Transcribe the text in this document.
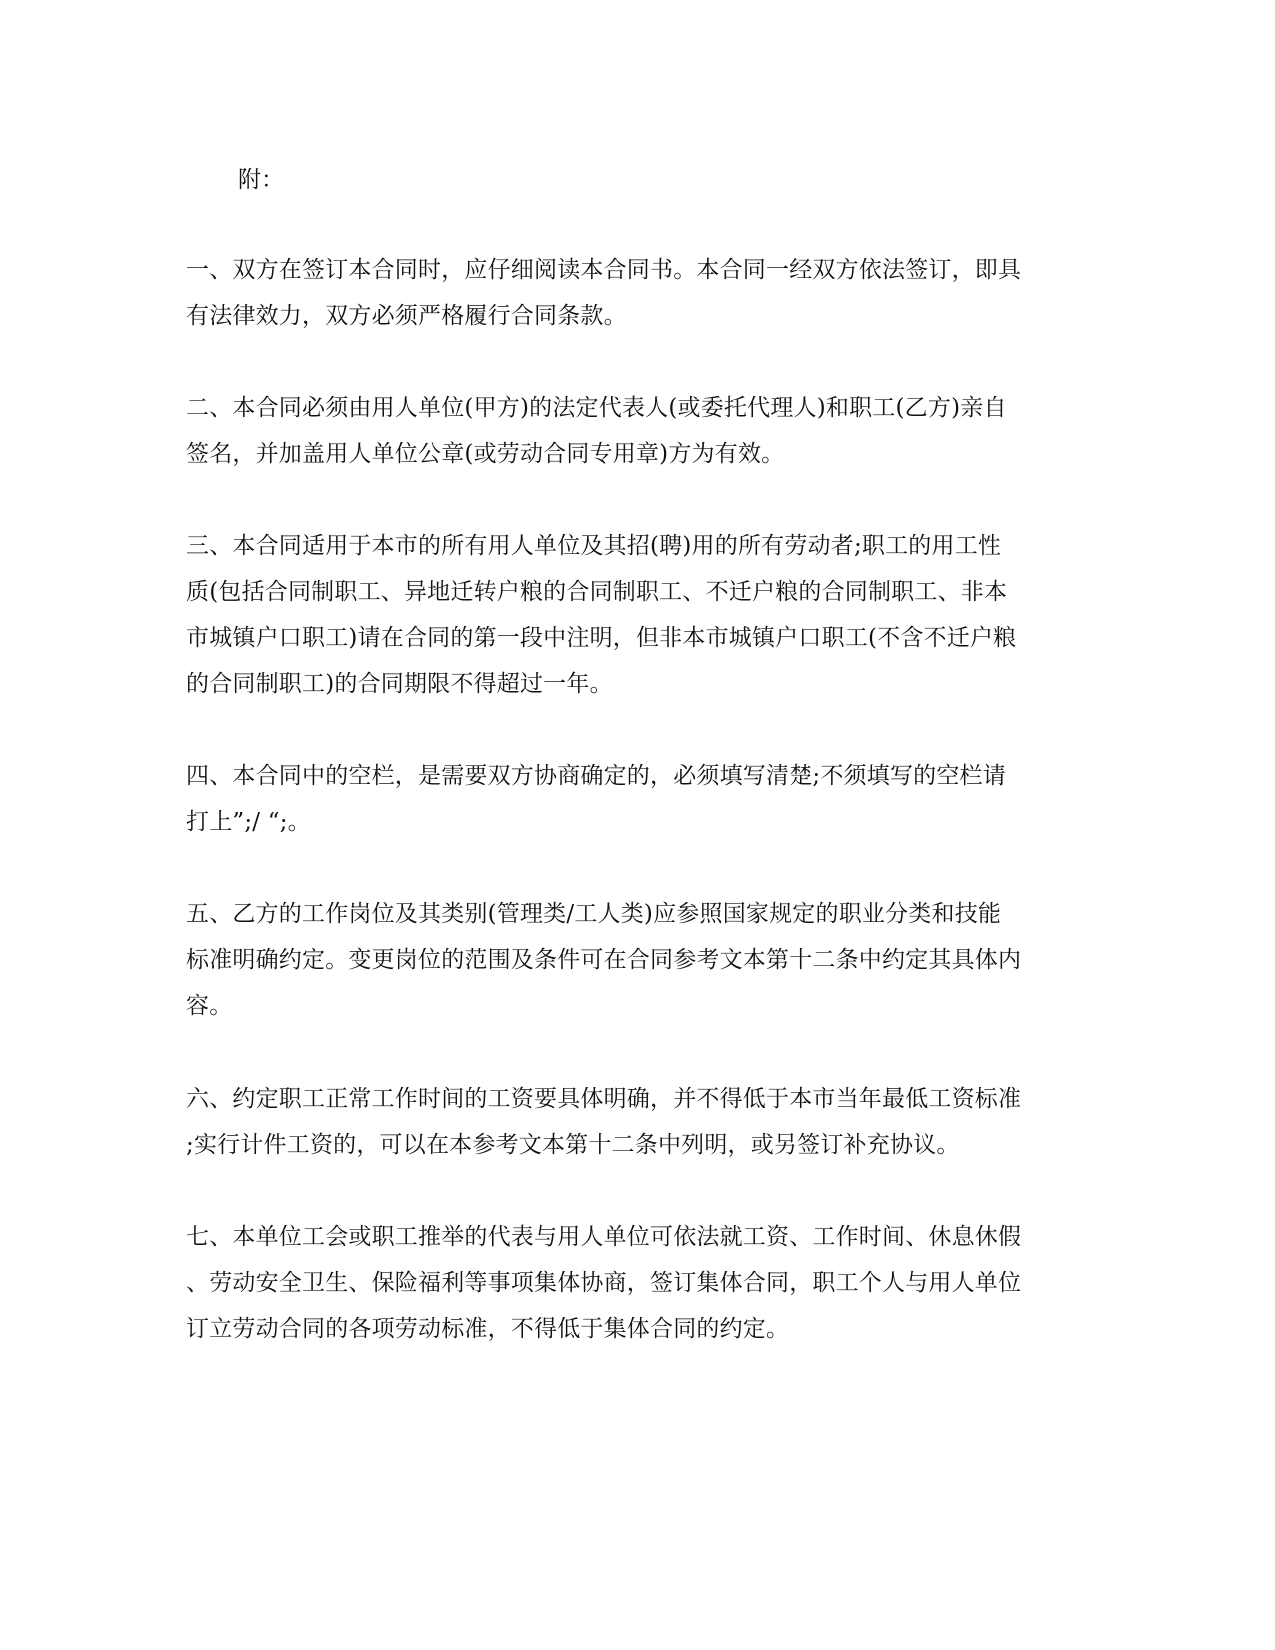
附：

一、双方在签订本合同时，应仔细阅读本合同书。本合同一经双方依法签订，即具

有法律效力，双方必须严格履行合同条款。

二、本合同必须由用人单位(甲方)的法定代表人(或委托代理人)和职工(乙方)亲自

签名，并加盖用人单位公章(或劳动合同专用章)方为有效。

三、本合同适用于本市的所有用人单位及其招(聘)用的所有劳动者;职工的用工性

质(包括合同制职工、异地迁转户粮的合同制职工、不迁户粮的合同制职工、非本

市城镇户口职工)请在合同的第一段中注明，但非本市城镇户口职工(不含不迁户粮

的合同制职工)的合同期限不得超过一年。

四、本合同中的空栏，是需要双方协商确定的，必须填写清楚;不须填写的空栏请

打上”;/ “;。

五、乙方的工作岗位及其类别(管理类/工人类)应参照国家规定的职业分类和技能

标准明确约定。变更岗位的范围及条件可在合同参考文本第十二条中约定其具体内

容。

六、约定职工正常工作时间的工资要具体明确，并不得低于本市当年最低工资标准

;实行计件工资的，可以在本参考文本第十二条中列明，或另签订补充协议。

七、本单位工会或职工推举的代表与用人单位可依法就工资、工作时间、休息休假

、劳动安全卫生、保险福利等事项集体协商，签订集体合同，职工个人与用人单位

订立劳动合同的各项劳动标准，不得低于集体合同的约定。
